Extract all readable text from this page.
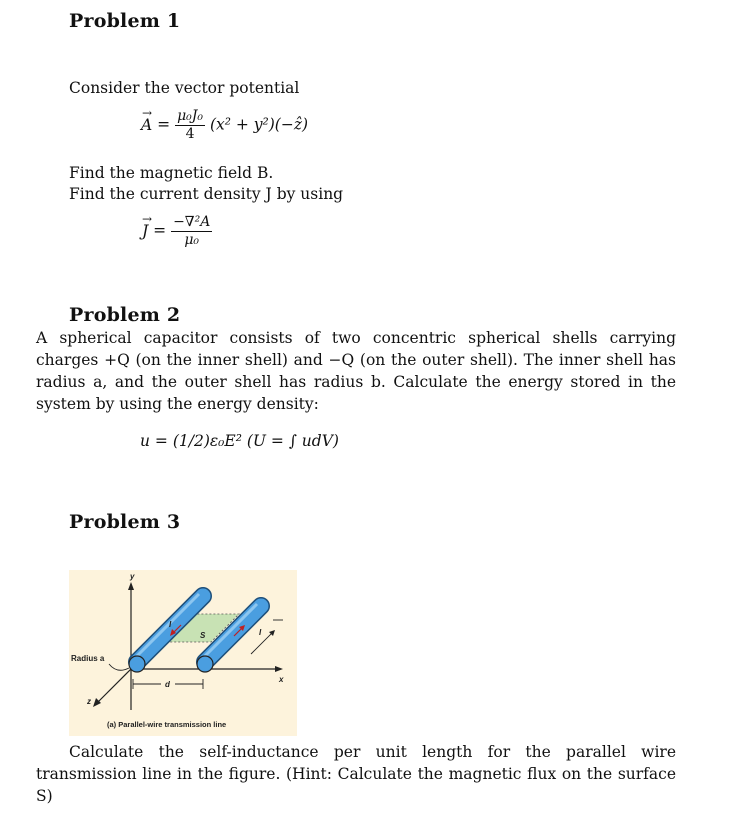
Problem 1
Consider the vector potential
A
→
= $\frac{\text{μ₀J₀}}{4} (x^2$ + y²)(−ẑ)
Find the magnetic field B.
Find the current density J by using
J
→
= $\frac{\text{−∇²A}}{\text{μ₀}}$
Problem 2
A spherical capacitor consists of two concentric spherical shells carrying charges +Q (on the inner shell) and −Q (on the outer shell). The inner shell has radius a, and the outer shell has radius b. Calculate the energy stored in the system by using the energy density:
u = (1/2)ε₀E² (U = ∫ udV)
Problem 3
y
x
z
S
I
I
d
Radius a
(a) Parallel-wire transmission line
Calculate the self-inductance per unit length for the parallel wire transmission line in the figure. (Hint: Calculate the magnetic flux on the surface S)
